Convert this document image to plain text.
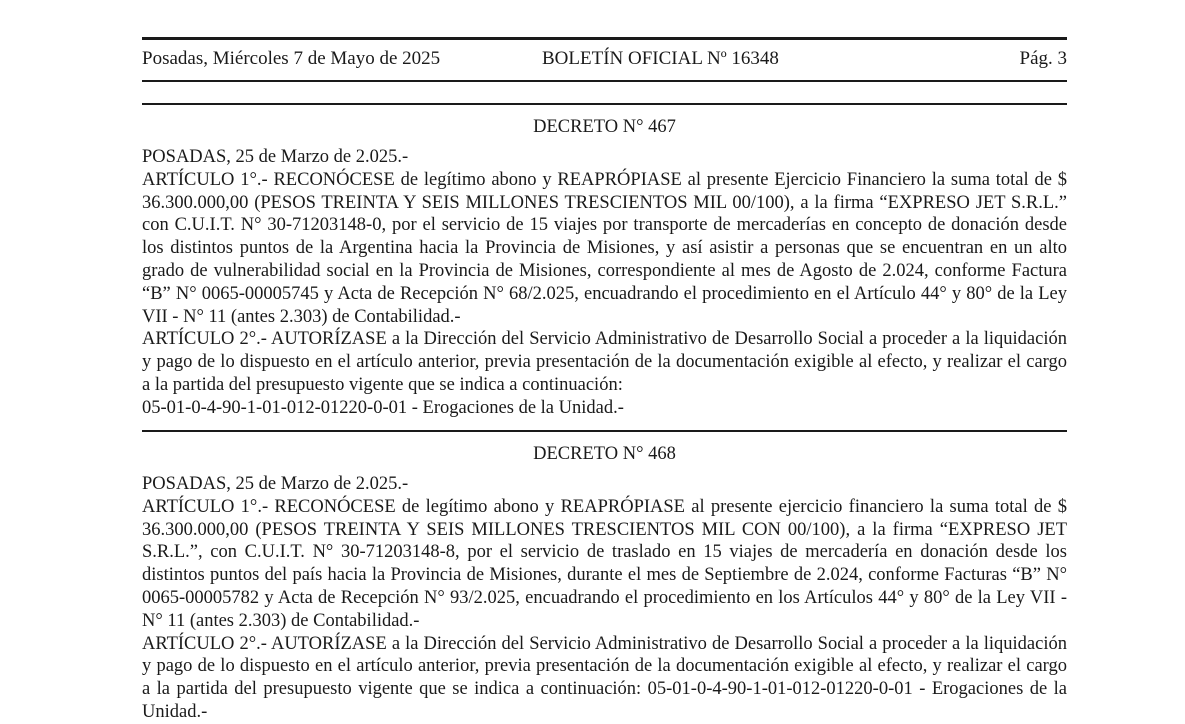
Posadas, Miércoles 7 de Mayo de 2025	BOLETÍN OFICIAL Nº 16348	Pág. 3
DECRETO N° 467

POSADAS, 25 de Marzo de 2.025.-

ARTÍCULO 1°.- RECONÓCESE de legítimo abono y REAPRÓPIASE al presente Ejercicio Financiero la suma total de $ 36.300.000,00 (PESOS TREINTA Y SEIS MILLONES TRESCIENTOS MIL 00/100), a la firma “EXPRESO JET S.R.L.” con C.U.I.T. N° 30-71203148-0, por el servicio de 15 viajes por transporte de mercaderías en concepto de donación desde los distintos puntos de la Argentina hacia la Provincia de Misiones, y así asistir a personas que se encuentran en un alto grado de vulnerabilidad social en la Provincia de Misiones, correspondiente al mes de Agosto de 2.024, conforme Factura “B” N° 0065-00005745 y Acta de Recepción N° 68/2.025, encuadrando el procedimiento en el Artículo 44° y 80° de la Ley VII - N° 11 (antes 2.303) de Contabilidad.-

ARTÍCULO 2°.- AUTORÍZASE a la Dirección del Servicio Administrativo de Desarrollo Social a proceder a la liquidación y pago de lo dispuesto en el artículo anterior, previa presentación de la documentación exigible al efecto, y realizar el cargo a la partida del presupuesto vigente que se indica a continuación:

05-01-0-4-90-1-01-012-01220-0-01 - Erogaciones de la Unidad.-

DECRETO N° 468

POSADAS, 25 de Marzo de 2.025.-

ARTÍCULO 1°.- RECONÓCESE de legítimo abono y REAPRÓPIASE al presente ejercicio financiero la suma total de $ 36.300.000,00 (PESOS TREINTA Y SEIS MILLONES TRESCIENTOS MIL CON 00/100), a la firma “EXPRESO JET S.R.L.”, con C.U.I.T. N° 30-71203148-8, por el servicio de traslado en 15 viajes de mercadería en donación desde los distintos puntos del país hacia la Provincia de Misiones, durante el mes de Septiembre de 2.024, conforme Facturas “B” N° 0065-00005782 y Acta de Recepción N° 93/2.025, encuadrando el procedimiento en los Artículos 44° y 80° de la Ley VII - N° 11 (antes 2.303) de Contabilidad.-

ARTÍCULO 2°.- AUTORÍZASE a la Dirección del Servicio Administrativo de Desarrollo Social a proceder a la liquidación y pago de lo dispuesto en el artículo anterior, previa presentación de la documentación exigible al efecto, y realizar el cargo a la partida del presupuesto vigente que se indica a continuación: 05-01-0-4-90-1-01-012-01220-0-01 - Erogaciones de la Unidad.-
